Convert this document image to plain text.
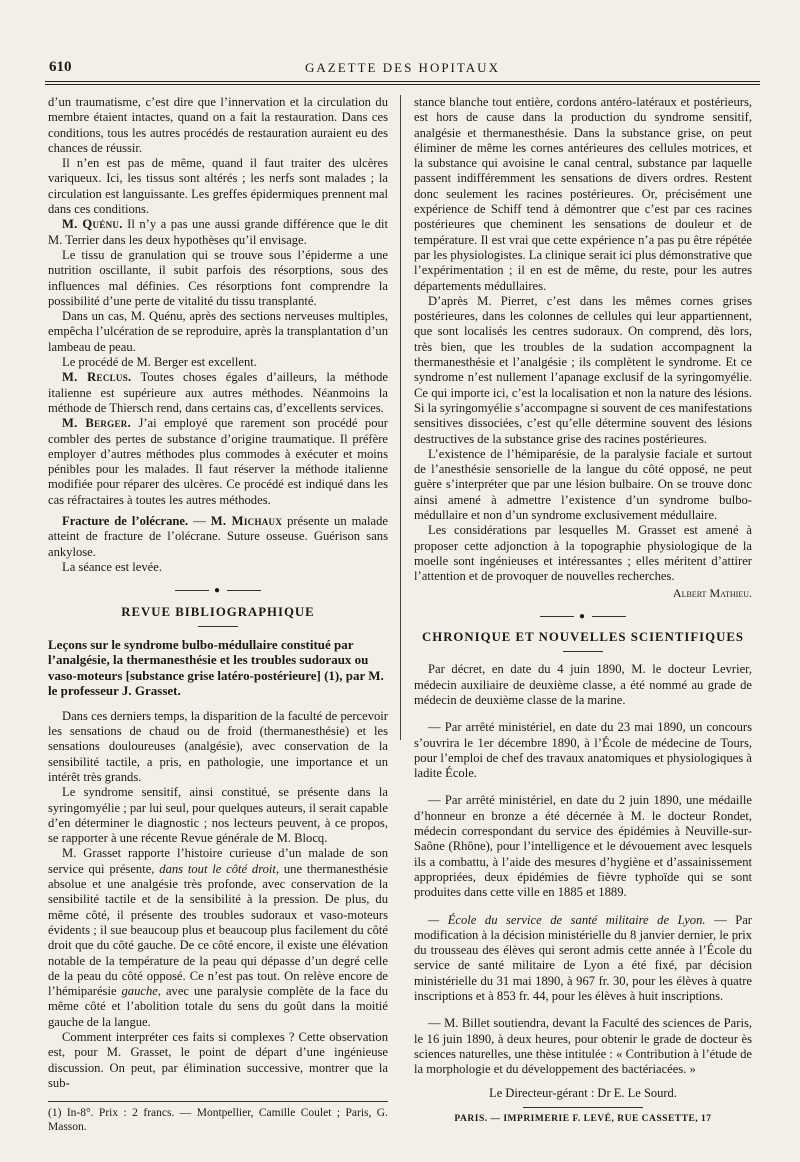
610	GAZETTE DES HOPITAUX

d’un traumatisme, c’est dire que l’innervation et la circulation du membre étaient intactes, quand on a fait la restauration. Dans ces conditions, tous les autres procédés de restauration auraient eu des chances de réussir.

Il n’en est pas de même, quand il faut traiter des ulcères variqueux. Ici, les tissus sont altérés ; les nerfs sont malades ; la circulation est languissante. Les greffes épidermiques prennent mal dans ces conditions.

M. Quénu. Il n’y a pas une aussi grande différence que le dit M. Terrier dans les deux hypothèses qu’il envisage.

Le tissu de granulation qui se trouve sous l’épiderme a une nutrition oscillante, il subit parfois des résorptions, sous des influences mal définies. Ces résorptions font comprendre la possibilité d’une perte de vitalité du tissu transplanté.

Dans un cas, M. Quénu, après des sections nerveuses multiples, empêcha l’ulcération de se reproduire, après la transplantation d’un lambeau de peau.

Le procédé de M. Berger est excellent.

M. Reclus. Toutes choses égales d’ailleurs, la méthode italienne est supérieure aux autres méthodes. Néanmoins la méthode de Thiersch rend, dans certains cas, d’excellents services.

M. Berger. J’ai employé que rarement son procédé pour combler des pertes de substance d’origine traumatique. Il préfère employer d’autres méthodes plus commodes à exécuter et moins pénibles pour les malades. Il faut réserver la méthode italienne modifiée pour réparer des ulcères. Ce procédé est indiqué dans les cas réfractaires à toutes les autres méthodes.

Fracture de l’olécrane. — M. Michaux présente un malade atteint de fracture de l’olécrane. Suture osseuse. Guérison sans ankylose.

La séance est levée.

●
REVUE BIBLIOGRAPHIQUE
Leçons sur le syndrome bulbo-médullaire constitué par l’analgésie, la thermanesthésie et les troubles sudoraux ou vaso-moteurs [substance grise latéro-postérieure] (1), par M. le professeur J. Grasset.

Dans ces derniers temps, la disparition de la faculté de percevoir les sensations de chaud ou de froid (thermanesthésie) et les sensations douloureuses (analgésie), avec conservation de la sensibilité tactile, a pris, en pathologie, une importance et un intérêt très grands.

Le syndrome sensitif, ainsi constitué, se présente dans la syringomyélie ; par lui seul, pour quelques auteurs, il serait capable d’en déterminer le diagnostic ; nos lecteurs peuvent, à ce propos, se rapporter à une récente Revue générale de M. Blocq.

M. Grasset rapporte l’histoire curieuse d’un malade de son service qui présente, dans tout le côté droit, une thermanesthésie absolue et une analgésie très profonde, avec conservation de la sensibilité tactile et de la sensibilité à la pression. De plus, du même côté, il présente des troubles sudoraux et vaso-moteurs évidents ; il sue beaucoup plus et beaucoup plus facilement du côté droit que du côté gauche. De ce côté encore, il existe une élévation notable de la température de la peau qui dépasse d’un degré celle de la peau du côté opposé. Ce n’est pas tout. On relève encore de l’hémiparésie gauche, avec une paralysie complète de la face du même côté et l’abolition totale du sens du goût dans la moitié gauche de la langue.

Comment interpréter ces faits si complexes ? Cette observation est, pour M. Grasset, le point de départ d’une ingénieuse discussion. On peut, par élimination successive, montrer que la sub-

(1) In-8°. Prix : 2 francs. — Montpellier, Camille Coulet ; Paris, G. Masson.

stance blanche tout entière, cordons antéro-latéraux et postérieurs, est hors de cause dans la production du syndrome sensitif, analgésie et thermanesthésie. Dans la substance grise, on peut éliminer de même les cornes antérieures des cellules motrices, et la substance qui avoisine le canal central, substance par laquelle passent indifféremment les sensations de divers ordres. Restent donc seulement les racines postérieures. Or, précisément une expérience de Schiff tend à démontrer que c’est par ces racines postérieures que cheminent les sensations de douleur et de température. Il est vrai que cette expérience n’a pas pu être répétée par les physiologistes. La clinique serait ici plus démonstrative que l’expérimentation ; il en est de même, du reste, pour les autres départements médullaires.

D’après M. Pierret, c’est dans les mêmes cornes grises postérieures, dans les colonnes de cellules qui leur appartiennent, que sont localisés les centres sudoraux. On comprend, dès lors, très bien, que les troubles de la sudation accompagnent la thermanesthésie et l’analgésie ; ils complètent le syndrome. Et ce syndrome n’est nullement l’apanage exclusif de la syringomyélie. Ce qui importe ici, c’est la localisation et non la nature des lésions. Si la syringomyélie s’accompagne si souvent de ces manifestations sensitives dissociées, c’est qu’elle détermine souvent des lésions destructives de la substance grise des racines postérieures.

L’existence de l’hémiparésie, de la paralysie faciale et surtout de l’anesthésie sensorielle de la langue du côté opposé, ne peut guère s’interpréter que par une lésion bulbaire. On se trouve donc ainsi amené à admettre l’existence d’un syndrome bulbo-médullaire et non d’un syndrome exclusivement médullaire.

Les considérations par lesquelles M. Grasset est amené à proposer cette adjonction à la topographie physiologique de la moelle sont ingénieuses et intéressantes ; elles méritent d’attirer l’attention et de provoquer de nouvelles recherches.

Albert Mathieu.
●
CHRONIQUE ET NOUVELLES SCIENTIFIQUES

Par décret, en date du 4 juin 1890, M. le docteur Levrier, médecin auxiliaire de deuxième classe, a été nommé au grade de médecin de deuxième classe de la marine.

— Par arrêté ministériel, en date du 23 mai 1890, un concours s’ouvrira le 1er décembre 1890, à l’École de médecine de Tours, pour l’emploi de chef des travaux anatomiques et physiologiques à ladite École.

— Par arrêté ministériel, en date du 2 juin 1890, une médaille d’honneur en bronze a été décernée à M. le docteur Rondet, médecin correspondant du service des épidémies à Neuville-sur-Saône (Rhône), pour l’intelligence et le dévouement avec lesquels ils a combattu, à l’aide des mesures d’hygiène et d’assainissement appropriées, deux épidémies de fièvre typhoïde qui se sont produites dans cette ville en 1885 et 1889.

— École du service de santé militaire de Lyon. — Par modification à la décision ministérielle du 8 janvier dernier, le prix du trousseau des élèves qui seront admis cette année à l’École du service de santé militaire de Lyon a été fixé, par décision ministérielle du 31 mai 1890, à 967 fr. 30, pour les élèves à quatre inscriptions et à 853 fr. 44, pour les élèves à huit inscriptions.

— M. Billet soutiendra, devant la Faculté des sciences de Paris, le 16 juin 1890, à deux heures, pour obtenir le grade de docteur ès sciences naturelles, une thèse intitulée : « Contribution à l’étude de la morphologie et du développement des bactériacées. »

Le Directeur-gérant : Dr E. Le Sourd.
PARIS. — IMPRIMERIE F. LEVÉ, RUE CASSETTE, 17
